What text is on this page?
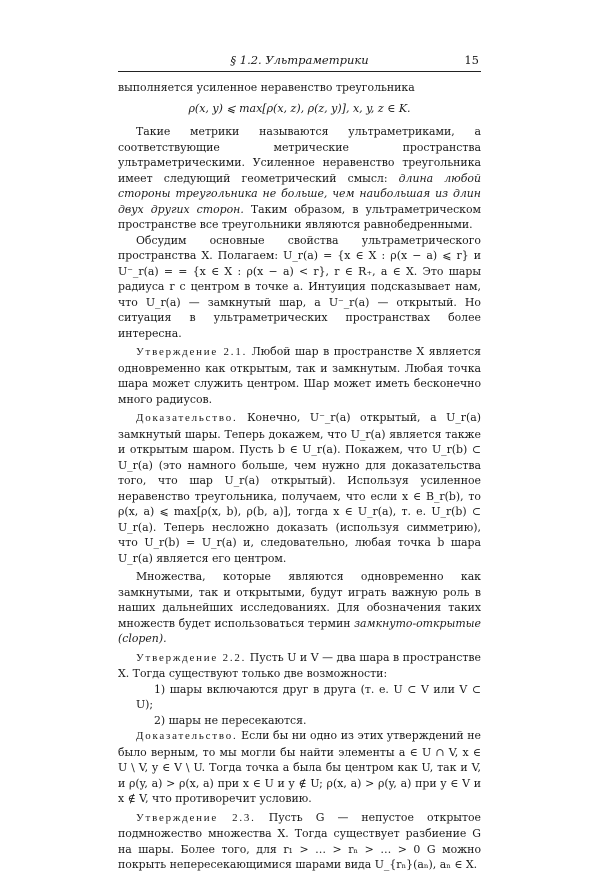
§ 1.2. Ультраметрики	15

выполняется усиленное неравенство треугольника

ρ(x, y) ⩽ max[ρ(x, z), ρ(z, y)], x, y, z ∈ K.

Такие метрики называются ультраметриками, а соответствующие метрические пространства ультраметрическими. Усиленное неравенство треугольника имеет следующий геометрический смысл: длина любой стороны треугольника не больше, чем наибольшая из длин двух других сторон. Таким образом, в ультраметрическом пространстве все треугольники являются равнобедренными.

Обсудим основные свойства ультраметрического пространства X. Полагаем: U_r(a) = {x ∈ X : ρ(x − a) ⩽ r} и U⁻_r(a) = = {x ∈ X : ρ(x − a) < r}, r ∈ R₊, a ∈ X. Это шары радиуса r с центром в точке a. Интуиция подсказывает нам, что U_r(a) — замкнутый шар, а U⁻_r(a) — открытый. Но ситуация в ультраметрических пространствах более интересна.

Утверждение 2.1. Любой шар в пространстве X является одновременно как открытым, так и замкнутым. Любая точка шара может служить центром. Шар может иметь бесконечно много радиусов.

Доказательство. Конечно, U⁻_r(a) открытый, а U_r(a) замкнутый шары. Теперь докажем, что U_r(a) является также и открытым шаром. Пусть b ∈ U_r(a). Покажем, что U_r(b) ⊂ U_r(a) (это намного больше, чем нужно для доказательства того, что шар U_r(a) открытый). Используя усиленное неравенство треугольника, получаем, что если x ∈ B_r(b), то ρ(x, a) ⩽ max[ρ(x, b), ρ(b, a)], тогда x ∈ U_r(a), т. е. U_r(b) ⊂ U_r(a). Теперь несложно доказать (используя симметрию), что U_r(b) = U_r(a) и, следовательно, любая точка b шара U_r(a) является его центром.

Множества, которые являются одновременно как замкнутыми, так и открытыми, будут играть важную роль в наших дальнейших исследованиях. Для обозначения таких множеств будет использоваться термин замкнуто-открытые (clopen).

Утверждение 2.2. Пусть U и V — два шара в пространстве X. Тогда существуют только две возможности:

1) шары включаются друг в друга (т. е. U ⊂ V или V ⊂ U);

2) шары не пересекаются.

Доказательство. Если бы ни одно из этих утверждений не было верным, то мы могли бы найти элементы a ∈ U ∩ V, x ∈ U \ V, y ∈ V \ U. Тогда точка a была бы центром как U, так и V, и ρ(y, a) > ρ(x, a) при x ∈ U и y ∉ U; ρ(x, a) > ρ(y, a) при y ∈ V и x ∉ V, что противоречит условию.

Утверждение 2.3. Пусть G — непустое открытое подмножество множества X. Тогда существует разбиение G на шары. Более того, для r₁ > … > rₙ > … > 0 G можно покрыть непересекающимися шарами вида U_{rₙ}(aₙ), aₙ ∈ X.
